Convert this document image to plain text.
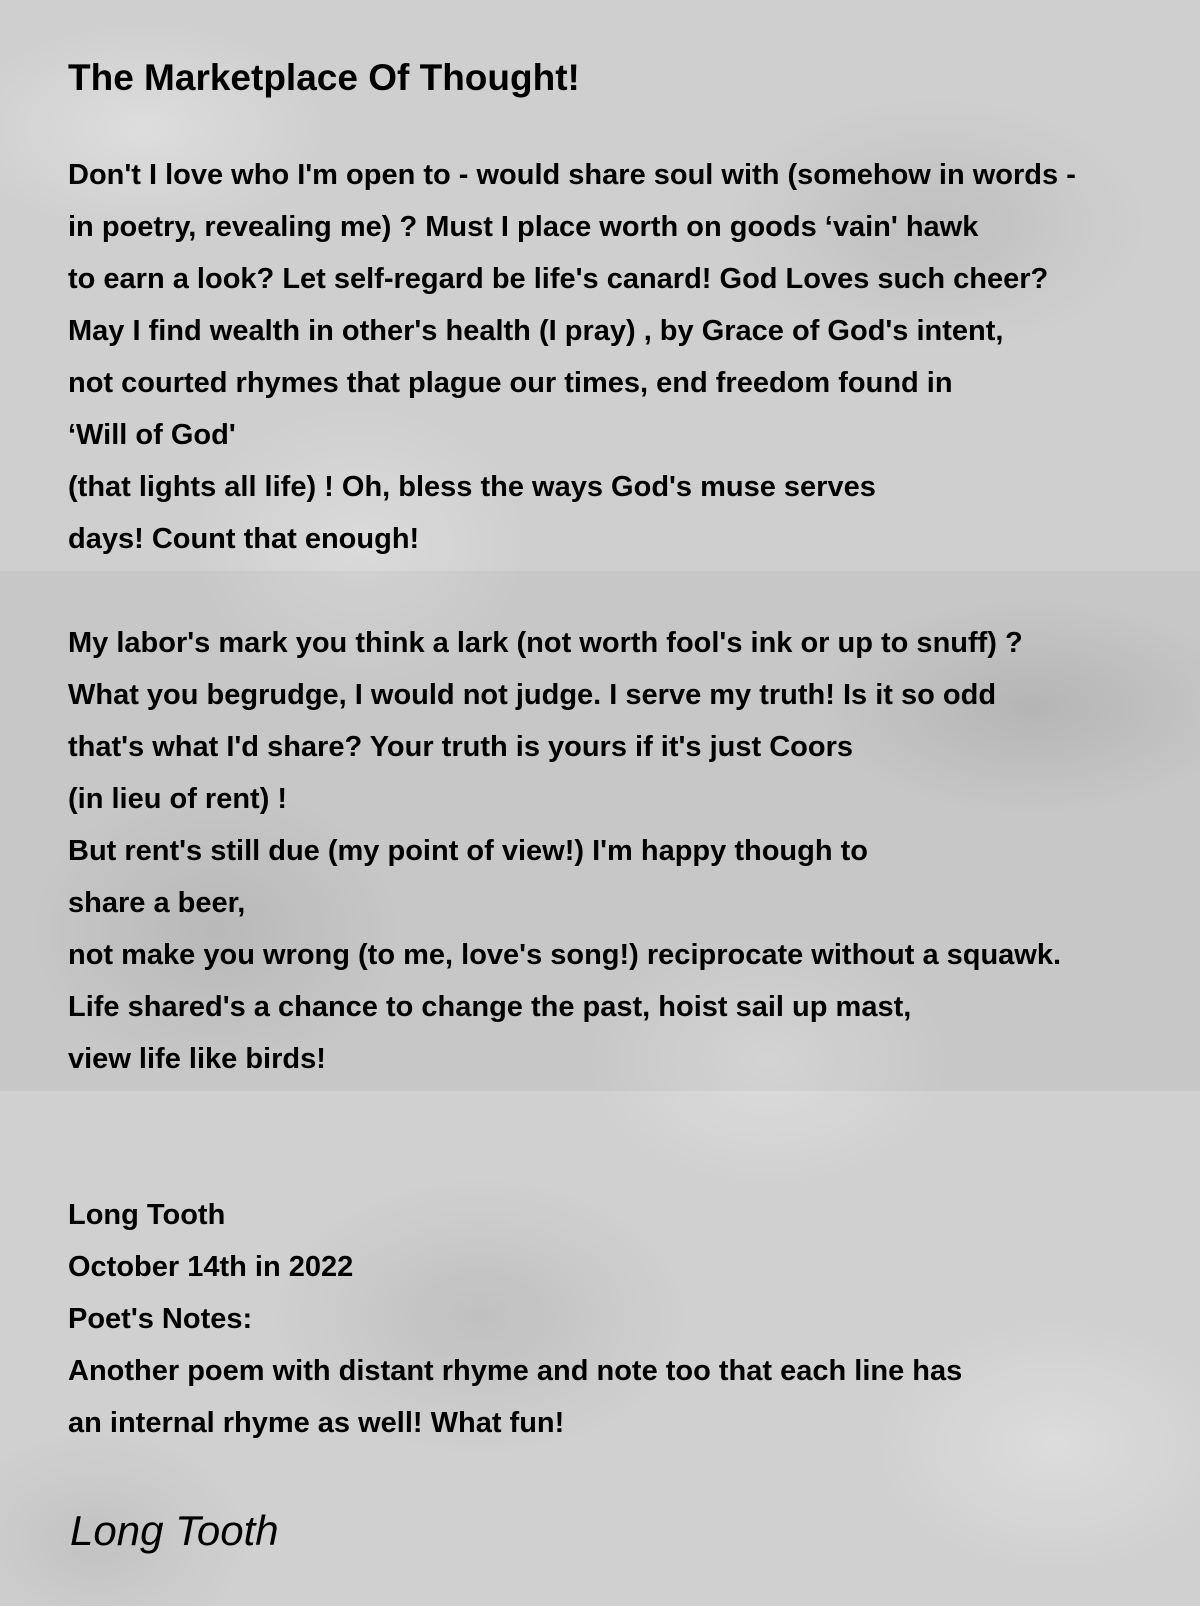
The Marketplace Of Thought!

Don't I love who I'm open to - would share soul with (somehow in words -

in poetry, revealing me) ? Must I place worth on goods ‘vain' hawk

to earn a look? Let self-regard be life's canard! God Loves such cheer?

May I find wealth in other's health (I pray) , by Grace of God's intent,

not courted rhymes that plague our times, end freedom found in

‘Will of God'

(that lights all life) ! Oh, bless the ways God's muse serves

days! Count that enough!

My labor's mark you think a lark (not worth fool's ink or up to snuff) ?

What you begrudge, I would not judge. I serve my truth! Is it so odd

that's what I'd share? Your truth is yours if it's just Coors

(in lieu of rent) !

But rent's still due (my point of view!) I'm happy though to

share a beer,

not make you wrong (to me, love's song!) reciprocate without a squawk.

Life shared's a chance to change the past, hoist sail up mast,

view life like birds!

Long Tooth

October 14th in 2022

Poet's Notes:

Another poem with distant rhyme and note too that each line has

an internal rhyme as well! What fun!

Long Tooth
